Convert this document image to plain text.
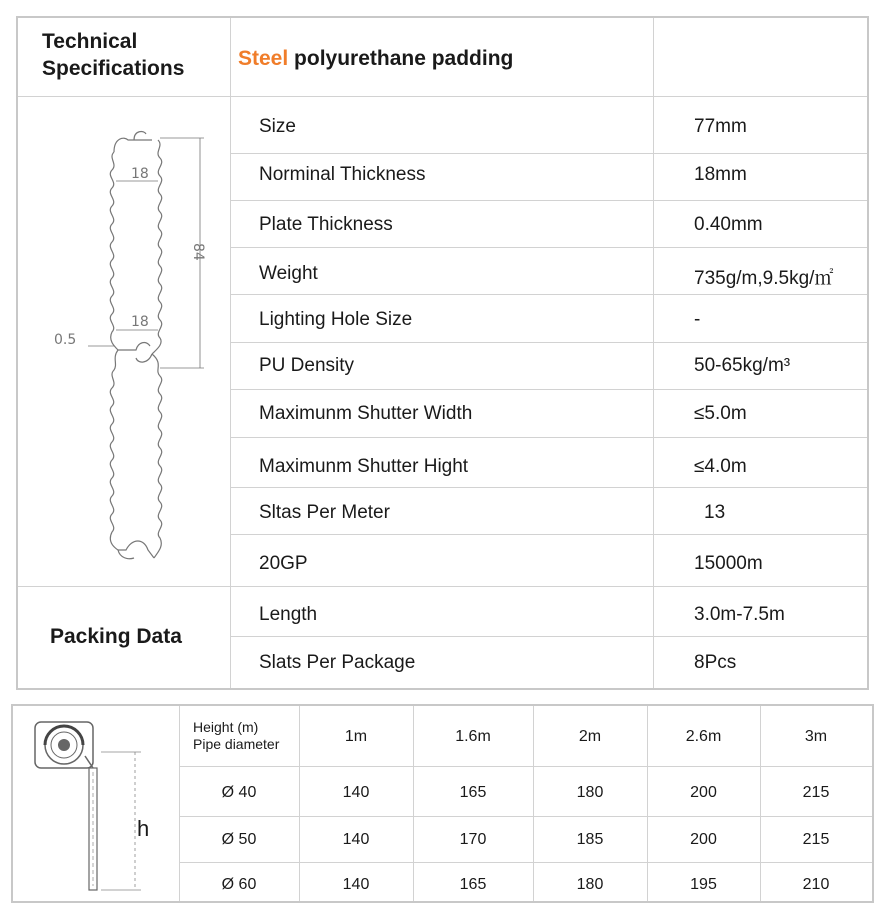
Technical
Specifications	Steel polyurethane padding
Packing Data
Size	77mm
Norminal Thickness	18mm
Plate Thickness	0.40mm
Weight	735g/m,9.5kg/㎡
Lighting Hole Size	-
PU Density	50-65kg/m³
Maximunm Shutter Width	≤5.0m
Maximunm Shutter Hight	≤4.0m
Sltas Per Meter	13
20GP	15000m
Length	3.0m-7.5m
Slats Per Package	8Pcs
18
18
84
0.5
h
Height (m)
Pipe diameter	1m	1.6m	2m	2.6m	3m
Ø 40	140	165	180	200	215
Ø 50	140	170	185	200	215
Ø 60	140	165	180	195	210
